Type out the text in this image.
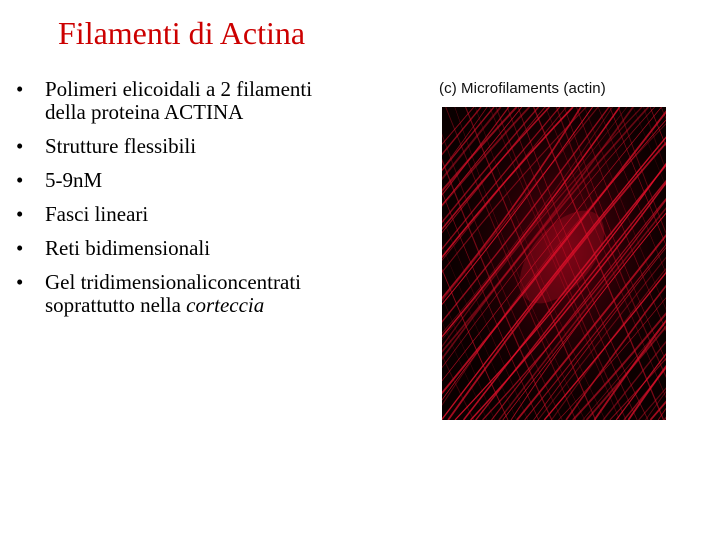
Filamenti di Actina
• Polimeri elicoidali a 2 filamenti della proteina ACTINA
• Strutture flessibili
• 5-9nM
• Fasci lineari
• Reti bidimensionali
• Gel tridimensionaliconcentrati soprattutto nella corteccia
(c) Microfilaments (actin)
